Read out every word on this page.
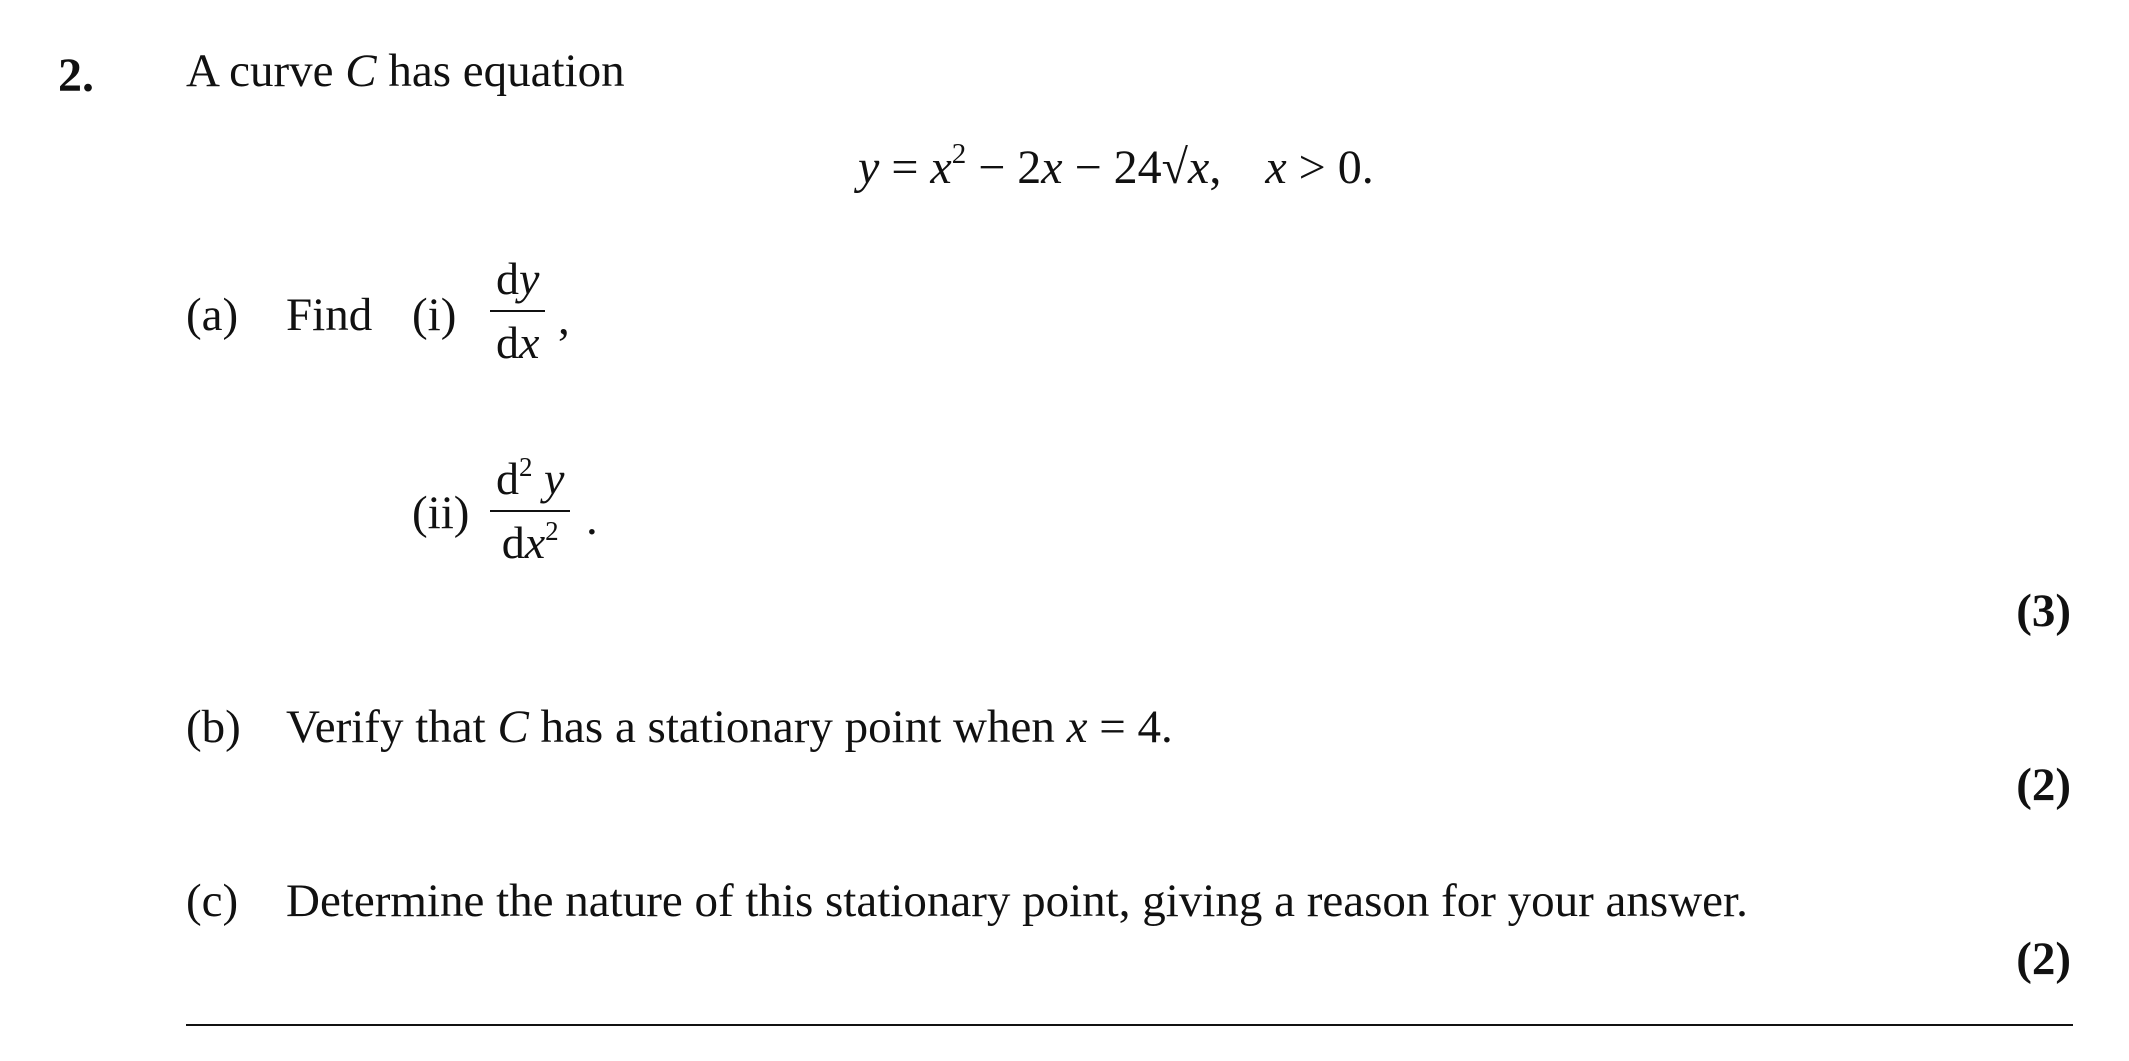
2. A curve C has equation
$y = x^2 - 2x - 24√x$, x > 0.
(a) Find (i)
dy
dx ,
(ii)
$d^2$ y
$dx^2$ .
(3)
(b) Verify that C has a stationary point when x = 4.
(2)
(c) Determine the nature of this stationary point, giving a reason for your answer.
(2)
